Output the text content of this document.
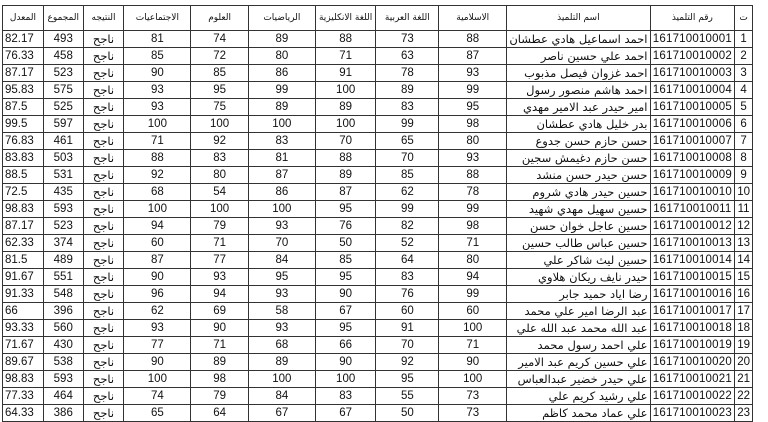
ت	رقم التلميذ	اسم التلميذ	الاسلامية	اللغة العربية	اللغة الانكليزية	الرياضيات	العلوم	الاجتماعيات	النتيجه	المجموع	المعدل
1	161710010001	احمد اسماعيل هادي عطشان	88	73	88	89	74	81	ناجح	493	82.17
2	161710010002	احمد علي حسين ناصر	87	63	71	80	72	85	ناجح	458	76.33
3	161710010003	احمد غزوان فيصل مذبوب	93	78	91	86	85	90	ناجح	523	87.17
4	161710010004	احمد هاشم منصور رسول	99	89	100	99	95	93	ناجح	575	95.83
5	161710010005	امير حيدر عبد الامير مهدي	95	83	89	89	75	93	ناجح	525	87.5
6	161710010006	بدر خليل هادي عطشان	98	99	100	100	100	100	ناجح	597	99.5
7	161710010007	حسن حازم حسن جدوع	80	65	70	83	92	71	ناجح	461	76.83
8	161710010008	حسن حازم دغيمش سجين	93	70	88	81	83	88	ناجح	503	83.83
9	161710010009	حسن حيدر حسن منشد	88	85	89	87	80	92	ناجح	531	88.5
10	161710010010	حسين حيدر هادي شروم	78	62	87	86	54	68	ناجح	435	72.5
11	161710010011	حسين سهيل مهدي شهيد	99	99	95	100	100	100	ناجح	593	98.83
12	161710010012	حسين عاجل خوان حسن	98	82	76	93	79	94	ناجح	523	87.17
13	161710010013	حسين عباس طالب حسين	71	52	50	70	71	60	ناجح	374	62.33
14	161710010014	حسين ليث شاكر علي	80	64	85	84	77	87	ناجح	489	81.5
15	161710010015	حيدر نايف ريكان هلاوي	94	83	95	95	93	90	ناجح	551	91.67
16	161710010016	رضا اياد حميد جابر	99	76	90	93	94	96	ناجح	548	91.33
17	161710010017	عبد الرضا امير علي محمد	60	60	67	58	69	62	ناجح	396	66
18	161710010018	عبد الله محمد عبد الله علي	100	91	95	93	90	93	ناجح	560	93.33
19	161710010019	علي احمد رسول محمد	71	70	66	68	71	77	ناجح	430	71.67
20	161710010020	علي حسين كريم عبد الامير	90	92	90	89	89	90	ناجح	538	89.67
21	161710010021	علي حيدر خضير عبدالعباس	100	95	100	100	98	100	ناجح	593	98.83
22	161710010022	علي رشيد كريم علي	73	55	83	84	79	74	ناجح	464	77.33
23	161710010023	علي عماد محمد كاظم	73	50	67	67	64	65	ناجح	386	64.33
